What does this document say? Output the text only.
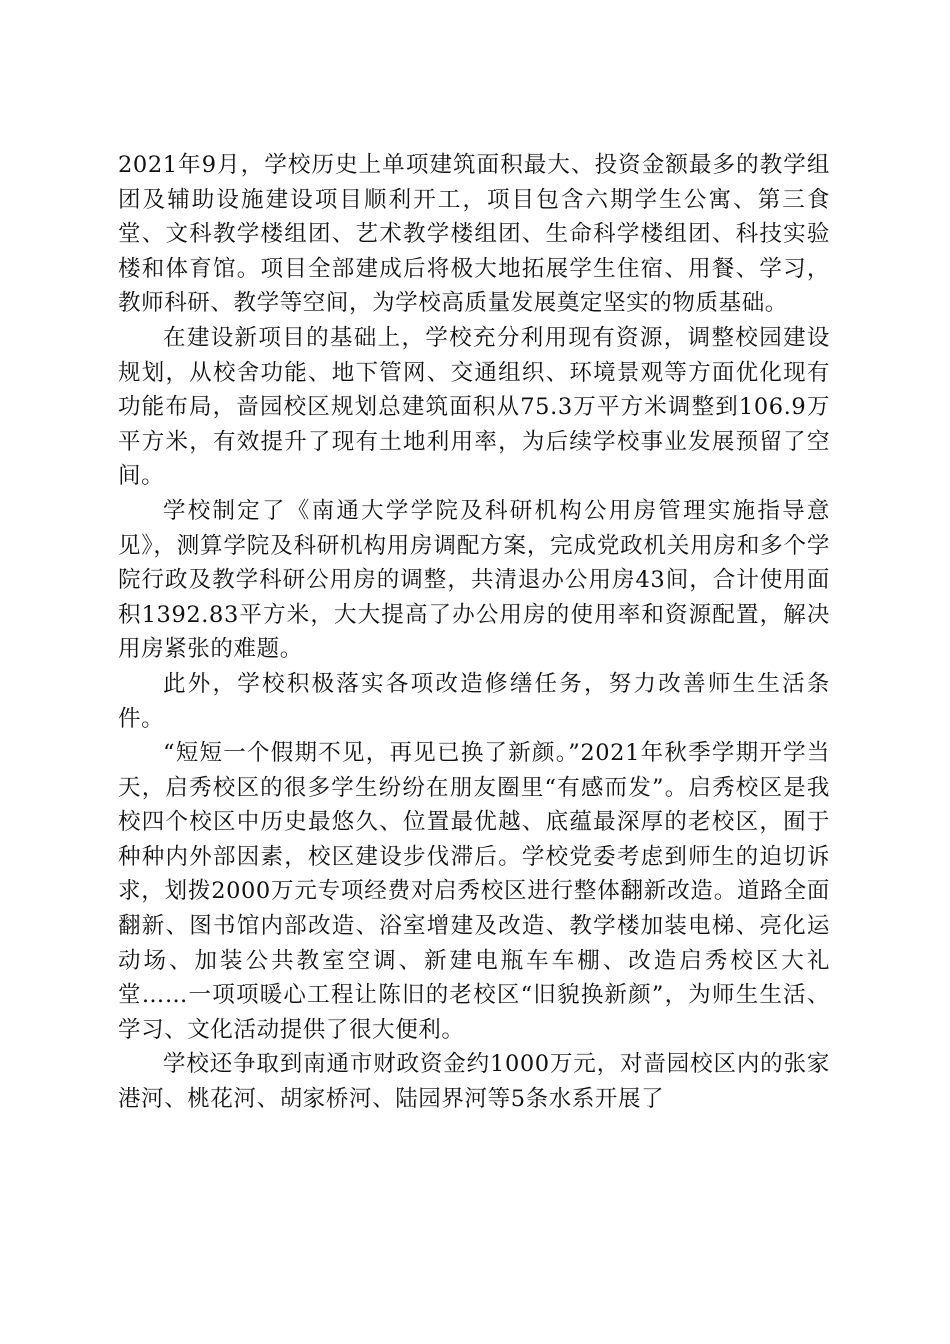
2021年9月，学校历史上单项建筑面积最大、投资金额最多的教学组团及辅助设施建设项目顺利开工，项目包含六期学生公寓、第三食堂、文科教学楼组团、艺术教学楼组团、生命科学楼组团、科技实验楼和体育馆。项目全部建成后将极大地拓展学生住宿、用餐、学习，教师科研、教学等空间，为学校高质量发展奠定坚实的物质基础。

在建设新项目的基础上，学校充分利用现有资源，调整校园建设规划，从校舍功能、地下管网、交通组织、环境景观等方面优化现有功能布局，啬园校区规划总建筑面积从75.3万平方米调整到106.9万平方米，有效提升了现有土地利用率，为后续学校事业发展预留了空间。

学校制定了《南通大学学院及科研机构公用房管理实施指导意见》，测算学院及科研机构用房调配方案，完成党政机关用房和多个学院行政及教学科研公用房的调整，共清退办公用房43间，合计使用面积1392.83平方米，大大提高了办公用房的使用率和资源配置，解决用房紧张的难题。

此外，学校积极落实各项改造修缮任务，努力改善师生生活条件。

“短短一个假期不见，再见已换了新颜。”2021年秋季学期开学当天，启秀校区的很多学生纷纷在朋友圈里“有感而发”。启秀校区是我校四个校区中历史最悠久、位置最优越、底蕴最深厚的老校区，囿于种种内外部因素，校区建设步伐滞后。学校党委考虑到师生的迫切诉求，划拨2000万元专项经费对启秀校区进行整体翻新改造。道路全面翻新、图书馆内部改造、浴室增建及改造、教学楼加装电梯、亮化运动场、加装公共教室空调、新建电瓶车车棚、改造启秀校区大礼堂……一项项暖心工程让陈旧的老校区“旧貌换新颜”，为师生生活、学习、文化活动提供了很大便利。

学校还争取到南通市财政资金约1000万元，对啬园校区内的张家港河、桃花河、胡家桥河、陆园界河等5条水系开展了
